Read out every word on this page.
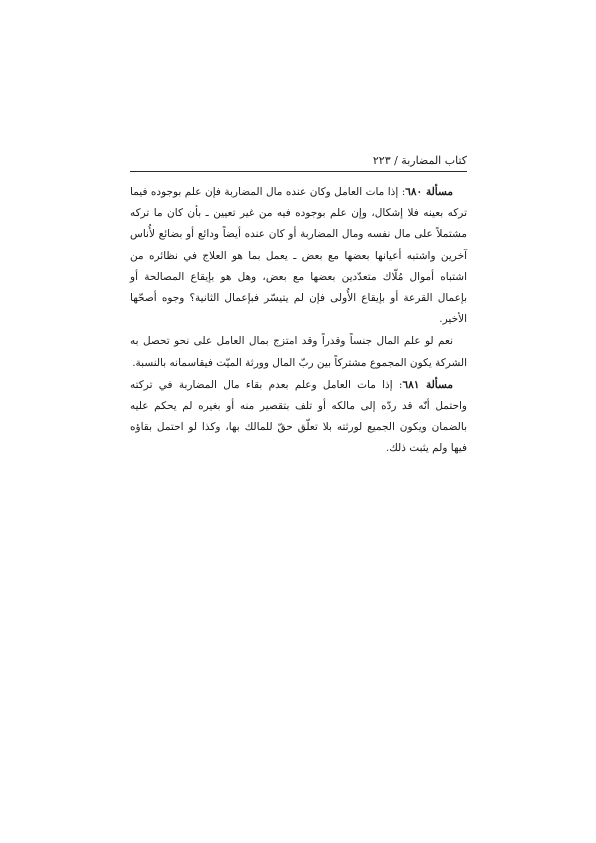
كتاب المضاربة / ٢٢٣

مسألة ٦٨٠: إذا مات العامل وكان عنده مال المضاربة فإن علم بوجوده فيما تركه بعينه فلا إشكال، وإن علم بوجوده فيه من غير تعيين ـ بأن كان ما تركه مشتملاً على مال نفسه ومال المضاربة أو كان عنده أيضاً ودائع أو بضائع لأُناس آخرين واشتبه أعيانها بعضها مع بعض ـ يعمل بما هو العلاج في نظائره من اشتباه أموال مُلّاك متعدّدين بعضها مع بعض، وهل هو بإيقاع المصالحة أو بإعمال القرعة أو بإيقاع الأُولى فإن لم يتيسّر فبإعمال الثانية؟ وجوه أصحّها الأخير.

نعم لو علم المال جنساً وقدراً وقد امتزج بمال العامل على نحو تحصل به الشركة يكون المجموع مشتركاً بين ربّ المال وورثة الميّت فيقاسمانه بالنسبة.

مسألة ٦٨١: إذا مات العامل وعلم بعدم بقاء مال المضاربة في تركته واحتمل أنّه قد ردّه إلى مالكه أو تلف بتقصير منه أو بغيره لم يحكم عليه بالضمان ويكون الجميع لورثته بلا تعلّق حقّ للمالك بها، وكذا لو احتمل بقاؤه فيها ولم يثبت ذلك.
